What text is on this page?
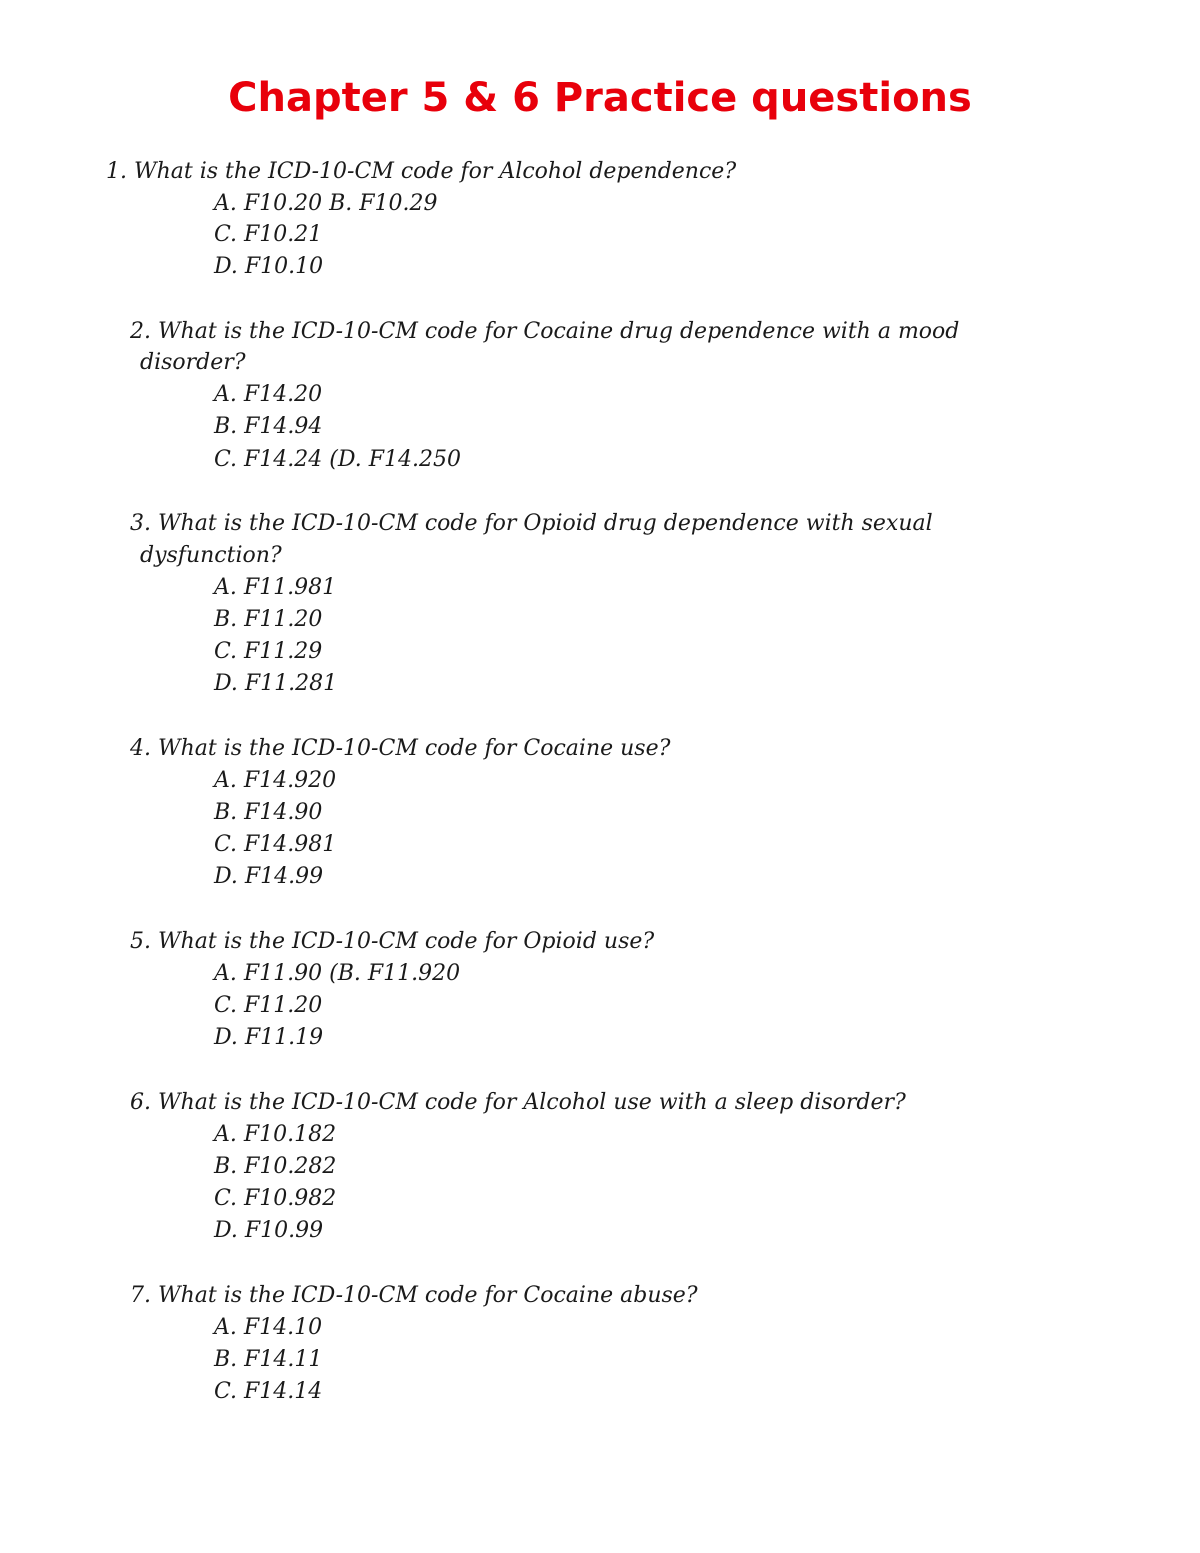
Chapter 5 & 6 Practice questions
1. What is the ICD-10-CM code for Alcohol dependence?
A. F10.20 B. F10.29
C. F10.21
D. F10.10
2. What is the ICD-10-CM code for Cocaine drug dependence with a mood
disorder?
A. F14.20
B. F14.94
C. F14.24 (D. F14.250
3. What is the ICD-10-CM code for Opioid drug dependence with sexual
dysfunction?
A. F11.981
B. F11.20
C. F11.29
D. F11.281
4. What is the ICD-10-CM code for Cocaine use?
A. F14.920
B. F14.90
C. F14.981
D. F14.99
5. What is the ICD-10-CM code for Opioid use?
A. F11.90 (B. F11.920
C. F11.20
D. F11.19
6. What is the ICD-10-CM code for Alcohol use with a sleep disorder?
A. F10.182
B. F10.282
C. F10.982
D. F10.99
7. What is the ICD-10-CM code for Cocaine abuse?
A. F14.10
B. F14.11
C. F14.14
